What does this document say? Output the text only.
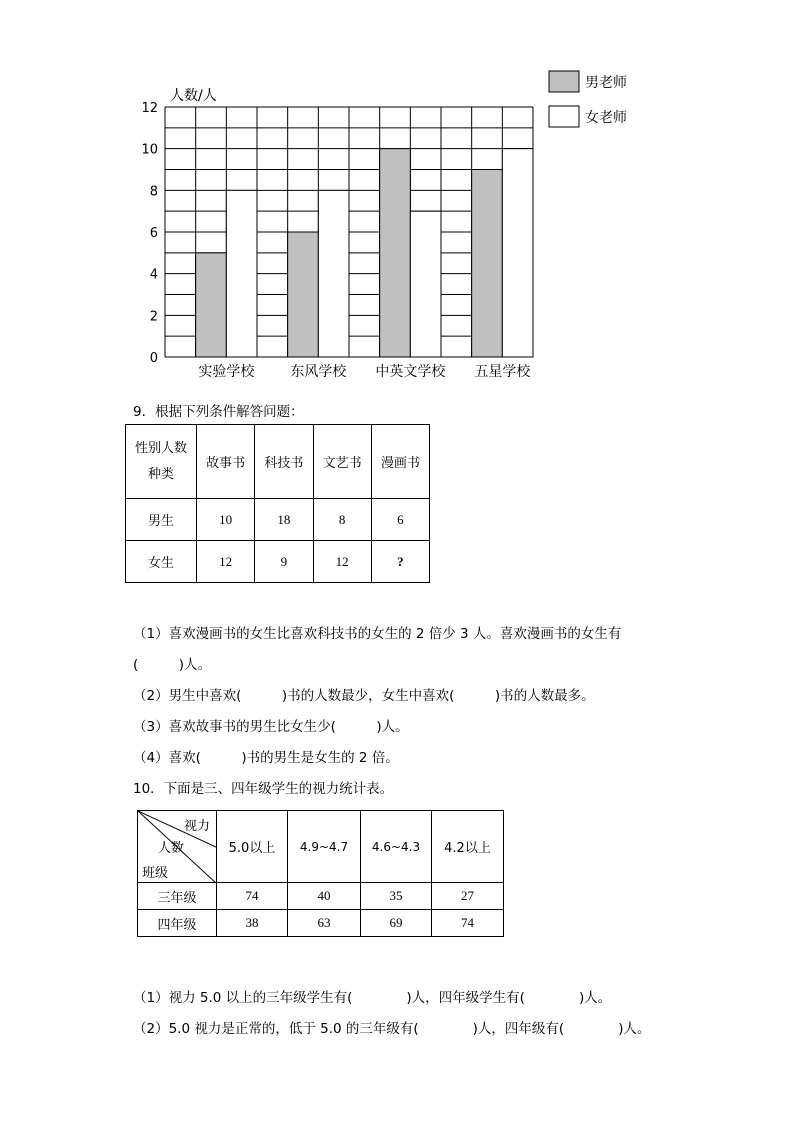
0
2
4
6
8
10
12
人数/人
实验学校	东风学校 中英文学校 五星学校
男老师
女老师
9．根据下列条件解答问题：
性别人数
种类	故事书	科技书	文艺书	漫画书
男生	10	18	8	6
女生	12	9	12	?
（1）喜欢漫画书的女生比喜欢科技书的女生的 2 倍少 3 人。喜欢漫画书的女生有
(　　　)人。
（2）男生中喜欢(　　　)书的人数最少，女生中喜欢(　　　)书的人数最多。
（3）喜欢故事书的男生比女生少(　　　)人。
（4）喜欢(　　　)书的男生是女生的 2 倍。
10．下面是三、四年级学生的视力统计表。
视力
人数
班级	5.0以上	4.9~4.7	4.6~4.3	4.2以上
三年级	74	40	35	27
四年级	38	63	69	74
（1）视力 5.0 以上的三年级学生有(　　　　)人，四年级学生有(　　　　)人。
（2）5.0 视力是正常的，低于 5.0 的三年级有(　　　　)人，四年级有(　　　　)人。
